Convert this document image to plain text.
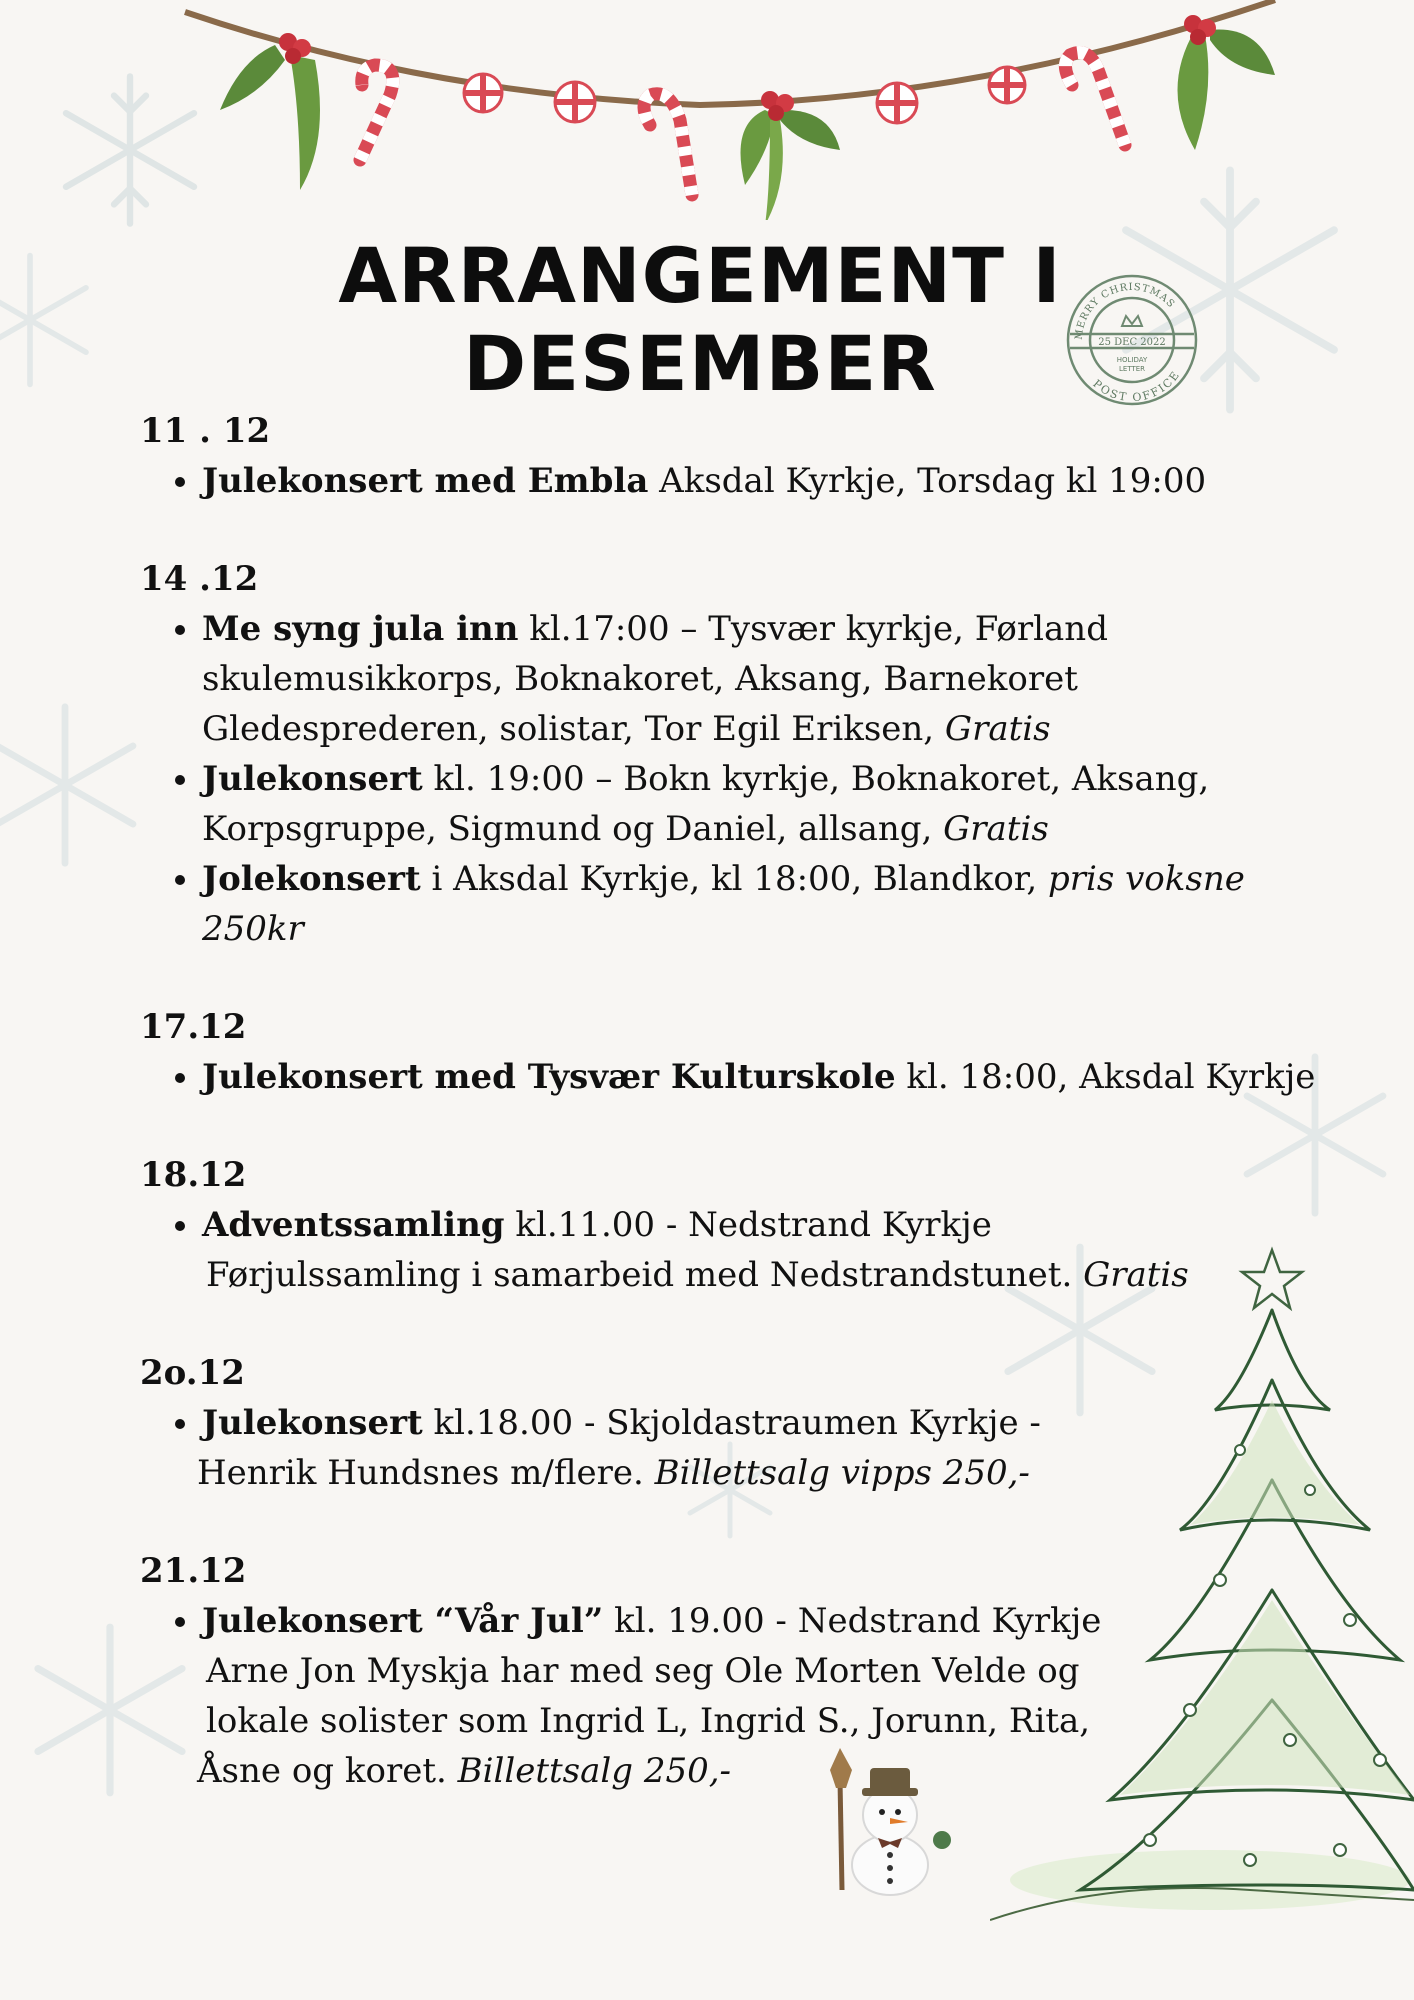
MERRY CHRISTMAS
POST OFFICE
25 DEC 2022
HOLIDAY
LETTER
ARRANGEMENT I
DESEMBER
11 . 12
• Julekonsert med Embla Aksdal Kyrkje, Torsdag kl 19:00
14 .12
• Me syng jula inn kl.17:00 – Tysvær kyrkje, Førland skulemusikkorps, Boknakoret, Aksang, Barnekoret Gledesprederen, solistar, Tor Egil Eriksen, Gratis
• Julekonsert kl. 19:00 – Bokn kyrkje, Boknakoret, Aksang, Korpsgruppe, Sigmund og Daniel, allsang, Gratis
• Jolekonsert i Aksdal Kyrkje, kl 18:00, Blandkor, pris voksne 250kr
17.12
• Julekonsert med Tysvær Kulturskole kl. 18:00, Aksdal Kyrkje
18.12
• Adventssamling kl.11.00 - Nedstrand Kyrkje
Førjulssamling i samarbeid med Nedstrandstunet. Gratis
2o.12
• Julekonsert kl.18.00 - Skjoldastraumen Kyrkje -
Henrik Hundsnes m/flere. Billettsalg vipps 250,-
21.12
• Julekonsert “Vår Jul” kl. 19.00 - Nedstrand Kyrkje
Arne Jon Myskja har med seg Ole Morten Velde og
lokale solister som Ingrid L, Ingrid S., Jorunn, Rita,
Åsne og koret. Billettsalg 250,-
